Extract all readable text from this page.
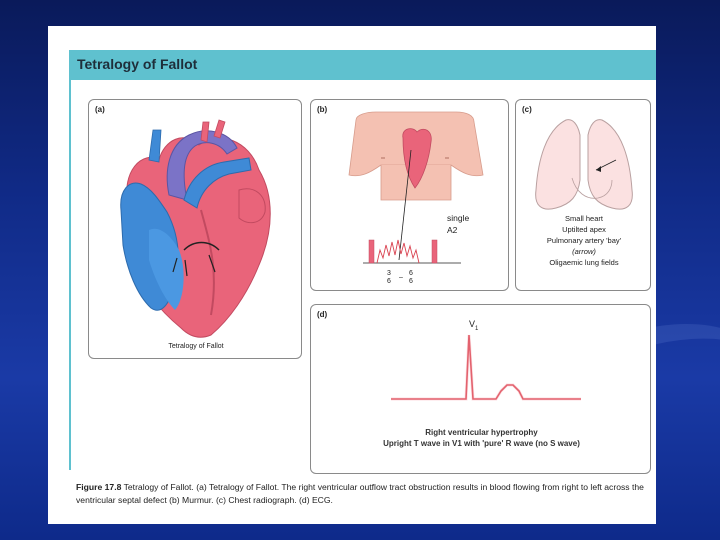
Tetralogy of Fallot
(a)
Tetralogy of Fallot
(b)
single
A2
3
6
–
6
6
(c)
Small heart
Uptilted apex
Pulmonary artery 'bay'
(arrow)
Oligaemic lung fields
(d)
$V_1$
Right ventricular hypertrophy
Upright T wave in V1 with 'pure' R wave (no S wave)
Figure 17.8 Tetralogy of Fallot. (a) Tetralogy of Fallot. The right ventricular outflow tract obstruction results in blood flowing from right to left across the ventricular septal defect (b) Murmur. (c) Chest radiograph. (d) ECG.
